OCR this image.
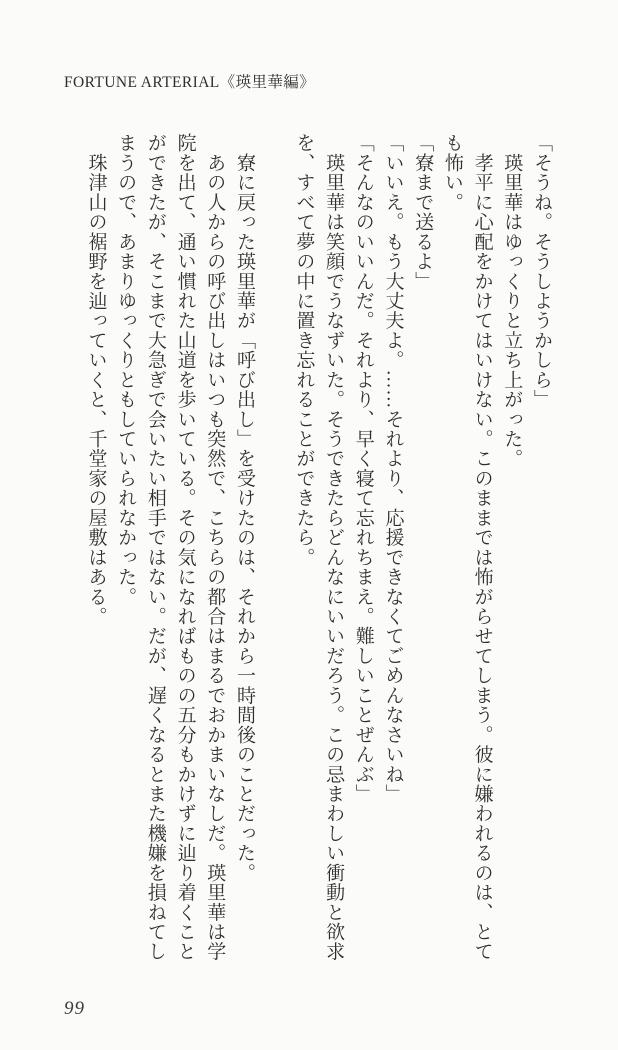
FORTUNE ARTERIAL《瑛里華編》
「そうね。そうしようかしら」
　瑛里華はゆっくりと立ち上がった。
　孝平に心配をかけてはいけない。このままでは怖がらせてしまう。彼に嫌われるのは、とて
も怖い。
「寮まで送るよ」
「いいえ。もう大丈夫よ。……それより、応援できなくてごめんなさいね」
「そんなのいいんだ。それより、早く寝て忘れちまえ。難しいことぜんぶ」
　瑛里華は笑顔でうなずいた。そうできたらどんなにいいだろう。この忌まわしい衝動と欲求
を、すべて夢の中に置き忘れることができたら。

　寮に戻った瑛里華が「呼び出し」を受けたのは、それから一時間後のことだった。
　あの人からの呼び出しはいつも突然で、こちらの都合はまるでおかまいなしだ。瑛里華は学
院を出て、通い慣れた山道を歩いている。その気になればものの五分もかけずに辿り着くこと
ができたが、そこまで大急ぎで会いたい相手ではない。だが、遅くなるとまた機嫌を損ねてし
まうので、あまりゆっくりともしていられなかった。
　珠津山の裾野を辿っていくと、千堂家の屋敷はある。
99
